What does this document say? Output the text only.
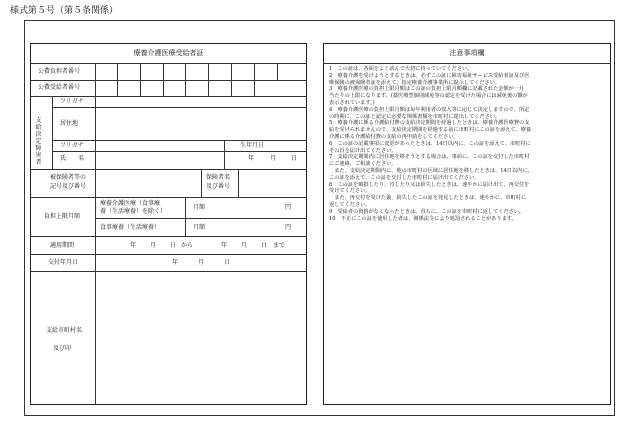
様式第５号（第５条関係）
療養介護医療受給者証
公費負担者番号
公費受給者番号
支給決定障害者
フリガナ
居住地
フリガナ
氏　　名
生年月日
年	月 日
被保険者等の
記号及び番号
保険者名
及び番号
負担上限月額
療養介護医療（食事療
養（生活療養）を除く）
月額	円
食事療養（生活療養）	月額	円
適用期間	年 月 日 から	年 月 日 まで
交付年月日	年	月	日
支給市町村名
及び印
注意事項欄
1　この証は、各面をよく読んで大切に持っていてください。
2　療養介護を受けようとするときは、必ずこの証に障害福祉サービス受給者証及び医
療保険の被保険者証を添えて、指定療養介護事業所に提示してください。
3　療養介護医療の負担上限月額はこの証の負担上限月額欄に記載された金額が一月
当たりの上限になります。(薬医療型個別減免等の認定を受けた場合には減免後の額が
表示されています。)
4　療養介護医療の負担上限月額は毎年利用者の収入等に応じて決定しますので、所定
の時期に、この証と認定に必要な関係書類を市町村に提出してください。
5　療養介護に係る介護給付費の支給決定期間を経過したときは、療養介護医療費の支
給を受けられませんので、支給決定期間を経過する前に市町村にこの証を添えて、療養
介護に係る介護給付費の支給の再申請をしてください。
6　この証の記載事項に変更があったときは、14日以内に、この証を添えて、市町村に
その旨を届け出てください。
7　支給決定期間内に居住地を移そうとする場合は、事前に、この証を交付した市町村
にご連絡、ご相談ください。
　また、支給決定期間内に、他の市町村の区域に居住地を移したときは、14日以内に、
この証を添えて、この証を交付した市町村に届け出てください。
8　この証を破損したり、汚したり又は紛失したときは、速やかに届け出て、再交付を
受けてください。
　また、再交付を受けた後、紛失したこの証を発見したときは、速やかに、市町村に
返してください。
9　受給者の資格がなくなったときは、直ちに、この証を市町村に返してください。
10　不正にこの証を使用した者は、関係法令により処罰されることがあります。
